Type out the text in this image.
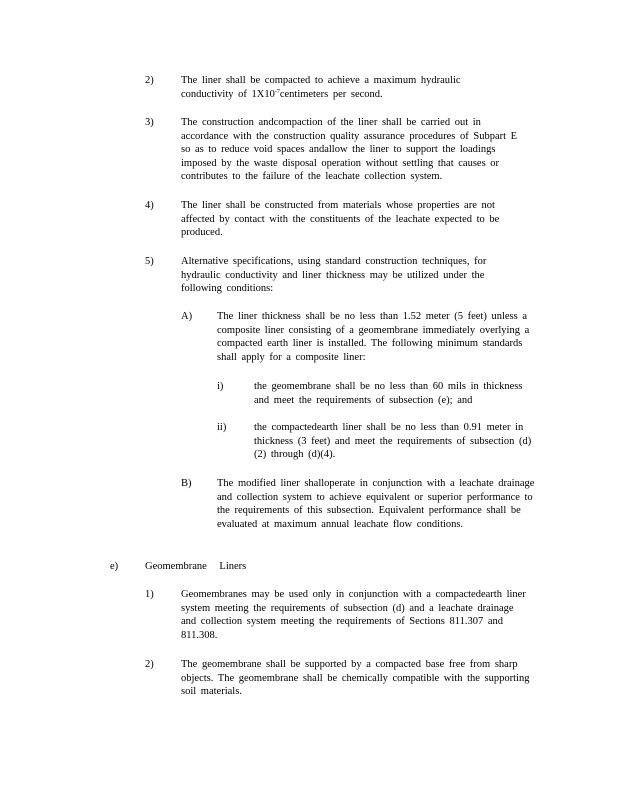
2)	The liner shall be compacted to achieve a maximum hydraulic conductivity of $1X10^{-7}centimeters$ per second.
3)	The construction andcompaction of the liner shall be carried out in accordance with the construction quality assurance procedures of Subpart E so as to reduce void spaces andallow the liner to support the loadings imposed by the waste disposal operation without settling that causes or contributes to the failure of the leachate collection system.
4)	The liner shall be constructed from materials whose properties are not affected by contact with the constituents of the leachate expected to be produced.
5)	Alternative specifications, using standard construction techniques, for hydraulic conductivity and liner thickness may be utilized under the following conditions:
A) The liner thickness shall be no less than 1.52 meter (5 feet) unless a composite liner consisting of a geomembrane immediately overlying a compacted earth liner is installed. The following minimum standards shall apply for a composite liner:
i)	the geomembrane shall be no less than 60 mils in thickness and meet the requirements of subsection (e); and
ii)	the compactedearth liner shall be no less than 0.91 meter in thickness (3 feet) and meet the requirements of subsection (d)(2) through (d)(4).
B) The modified liner shalloperate in conjunction with a leachate drainage and collection system to achieve equivalent or superior performance to the requirements of this subsection. Equivalent performance shall be evaluated at maximum annual leachate flow conditions.
e)	Geomembrane Liners
1)	Geomembranes may be used only in conjunction with a compactedearth liner system meeting the requirements of subsection (d) and a leachate drainage and collection system meeting the requirements of Sections 811.307 and 811.308.
2)	The geomembrane shall be supported by a compacted base free from sharp objects. The geomembrane shall be chemically compatible with the supporting soil materials.
